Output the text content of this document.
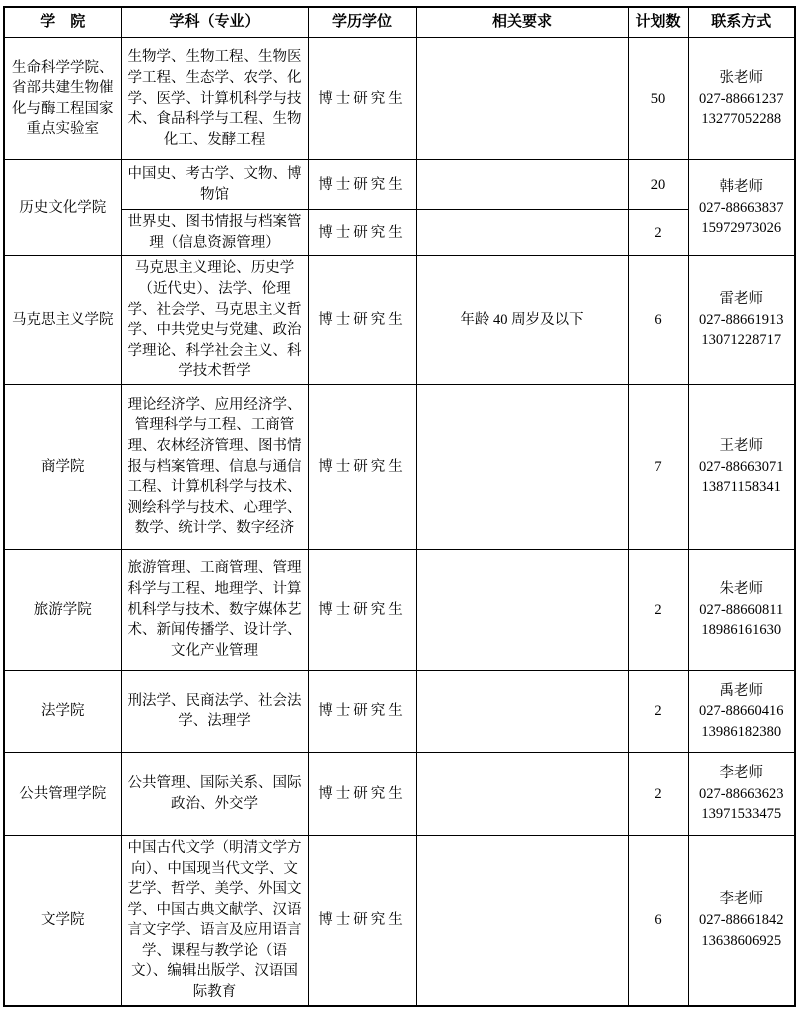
学　院	学科（专业）	学历学位	相关要求	计划数	联系方式
生命科学学院、省部共建生物催化与酶工程国家重点实验室	生物学、生物工程、生物医学工程、生态学、农学、化学、医学、计算机科学与技术、食品科学与工程、生物化工、发酵工程	博士研究生		50	张老师
027-88661237
13277052288

历史文化学院	中国史、考古学、文物、博物馆	博士研究生		20	韩老师
027-88663837
15972973026

	世界史、图书情报与档案管理（信息资源管理）	博士研究生		2	
马克思主义学院	马克思主义理论、历史学（近代史）、法学、伦理学、社会学、马克思主义哲学、中共党史与党建、政治学理论、科学社会主义、科学技术哲学	博士研究生	年龄 40 周岁及以下	6	雷老师
027-88661913
13071228717

商学院	理论经济学、应用经济学、管理科学与工程、工商管理、农林经济管理、图书情报与档案管理、信息与通信工程、计算机科学与技术、测绘科学与技术、心理学、数学、统计学、数字经济	博士研究生		7	王老师
027-88663071
13871158341

旅游学院	旅游管理、工商管理、管理科学与工程、地理学、计算机科学与技术、数字媒体艺术、新闻传播学、设计学、文化产业管理	博士研究生		2	朱老师
027-88660811
18986161630

法学院	刑法学、民商法学、社会法学、法理学	博士研究生		2	禹老师
027-88660416
13986182380

公共管理学院	公共管理、国际关系、国际政治、外交学	博士研究生		2	李老师
027-88663623
13971533475

文学院	中国古代文学（明清文学方向）、中国现当代文学、文艺学、哲学、美学、外国文学、中国古典文献学、汉语言文字学、语言及应用语言学、课程与教学论（语文）、编辑出版学、汉语国际教育	博士研究生		6	李老师
027-88661842
13638606925
